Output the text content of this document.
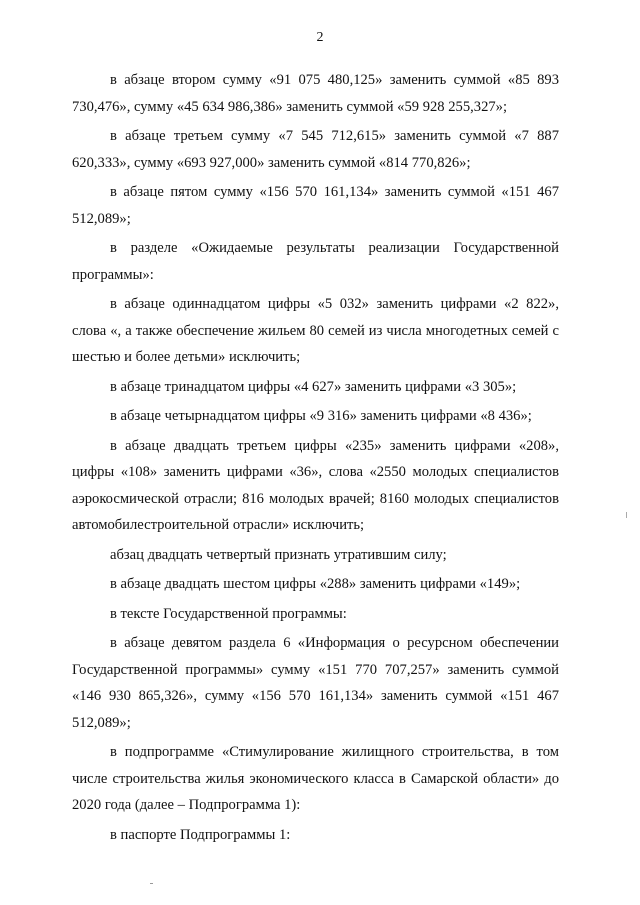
2

в абзаце втором сумму «91 075 480,125» заменить суммой «85 893 730,476», сумму «45 634 986,386» заменить суммой «59 928 255,327»;

в абзаце третьем сумму «7 545 712,615» заменить суммой «7 887 620,333», сумму «693 927,000» заменить суммой «814 770,826»;

в абзаце пятом сумму «156 570 161,134» заменить суммой «151 467 512,089»;

в разделе «Ожидаемые результаты реализации Государственной программы»:

в абзаце одиннадцатом цифры «5 032» заменить цифрами «2 822», слова «, а также обеспечение жильем 80 семей из числа многодетных семей с шестью и более детьми» исключить;

в абзаце тринадцатом цифры «4 627» заменить цифрами «3 305»;

в абзаце четырнадцатом цифры «9 316» заменить цифрами «8 436»;

в абзаце двадцать третьем цифры «235» заменить цифрами «208», цифры «108» заменить цифрами «36», слова «2550 молодых специалистов аэрокосмической отрасли; 816 молодых врачей; 8160 молодых специалистов автомобилестроительной отрасли» исключить;

абзац двадцать четвертый признать утратившим силу;

в абзаце двадцать шестом цифры «288» заменить цифрами «149»;

в тексте Государственной программы:

в абзаце девятом раздела 6 «Информация о ресурсном обеспечении Государственной программы» сумму «151 770 707,257» заменить суммой «146 930 865,326», сумму «156 570 161,134» заменить суммой «151 467 512,089»;

в подпрограмме «Стимулирование жилищного строительства, в том числе строительства жилья экономического класса в Самарской области» до 2020 года (далее – Подпрограмма 1):

в паспорте Подпрограммы 1:
